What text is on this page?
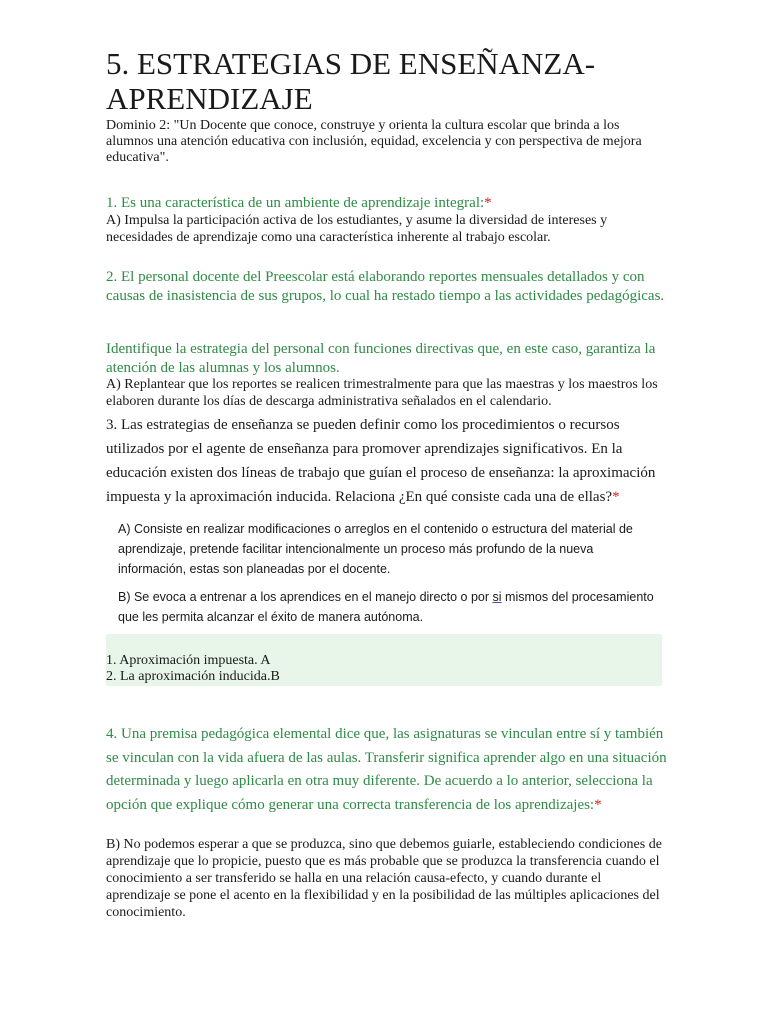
5. ESTRATEGIAS DE ENSEÑANZA-APRENDIZAJE
Dominio 2: "Un Docente que conoce, construye y orienta la cultura escolar que brinda a los alumnos una atención educativa con inclusión, equidad, excelencia y con perspectiva de mejora educativa".
1. Es una característica de un ambiente de aprendizaje integral:*
A) Impulsa la participación activa de los estudiantes, y asume la diversidad de intereses y necesidades de aprendizaje como una característica inherente al trabajo escolar.
2. El personal docente del Preescolar está elaborando reportes mensuales detallados y con causas de inasistencia de sus grupos, lo cual ha restado tiempo a las actividades pedagógicas.
Identifique la estrategia del personal con funciones directivas que, en este caso, garantiza la atención de las alumnas y los alumnos.
A) Replantear que los reportes se realicen trimestralmente para que las maestras y los maestros los elaboren durante los días de descarga administrativa señalados en el calendario.
3. Las estrategias de enseñanza se pueden definir como los procedimientos o recursos utilizados por el agente de enseñanza para promover aprendizajes significativos. En la educación existen dos líneas de trabajo que guían el proceso de enseñanza: la aproximación impuesta y la aproximación inducida. Relaciona ¿En qué consiste cada una de ellas?*
A) Consiste en realizar modificaciones o arreglos en el contenido o estructura del material de aprendizaje, pretende facilitar intencionalmente un proceso más profundo de la nueva información, estas son planeadas por el docente.
B) Se evoca a entrenar a los aprendices en el manejo directo o por si mismos del procesamiento que les permita alcanzar el éxito de manera autónoma.
1. Aproximación impuesta. A
2. La aproximación inducida.B
4. Una premisa pedagógica elemental dice que, las asignaturas se vinculan entre sí y también se vinculan con la vida afuera de las aulas. Transferir significa aprender algo en una situación determinada y luego aplicarla en otra muy diferente. De acuerdo a lo anterior, selecciona la opción que explique cómo generar una correcta transferencia de los aprendizajes:*
B) No podemos esperar a que se produzca, sino que debemos guiarle, estableciendo condiciones de aprendizaje que lo propicie, puesto que es más probable que se produzca la transferencia cuando el conocimiento a ser transferido se halla en una relación causa-efecto, y cuando durante el aprendizaje se pone el acento en la flexibilidad y en la posibilidad de las múltiples aplicaciones del conocimiento.
